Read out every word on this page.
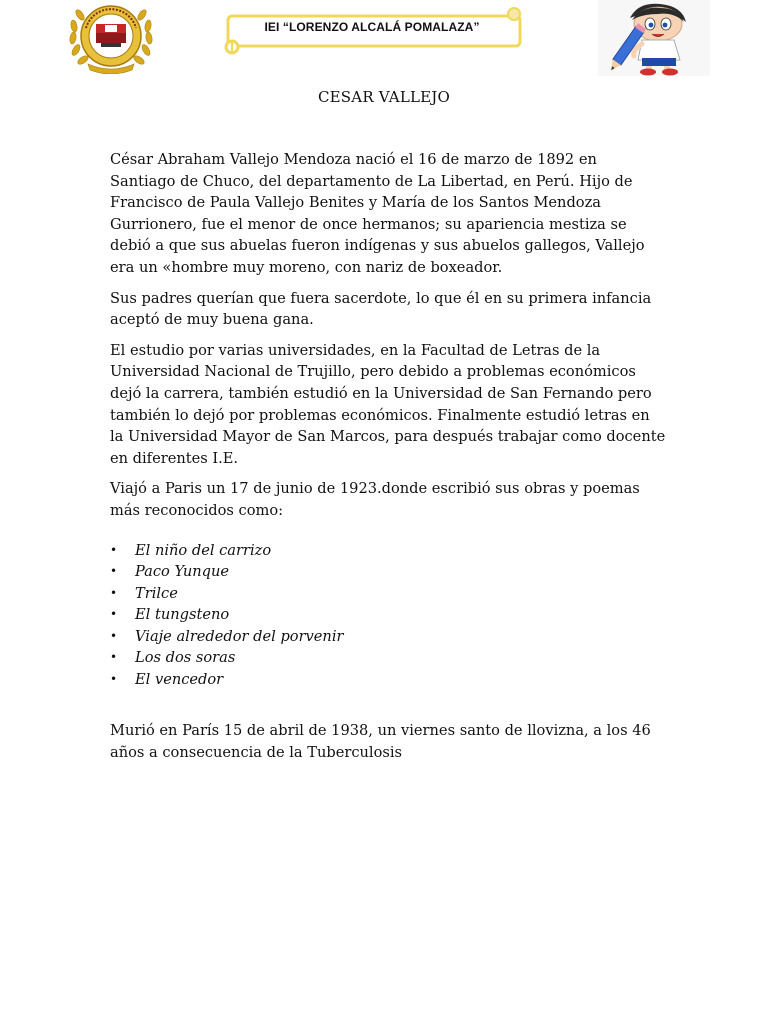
IEI “LORENZO ALCALÁ POMALAZA”
CESAR VALLEJO

César Abraham Vallejo Mendoza nació el 16 de marzo de 1892 en Santiago de Chuco, del departamento de La Libertad, en Perú. Hijo de Francisco de Paula Vallejo Benites y María de los Santos Mendoza Gurrionero, fue el menor de once hermanos; su apariencia mestiza se debió a que sus abuelas fueron indígenas y sus abuelos gallegos, Vallejo era un «hombre muy moreno, con nariz de boxeador.

Sus padres querían que fuera sacerdote, lo que él en su primera infancia aceptó de muy buena gana.

El estudio por varias universidades, en la Facultad de Letras de la Universidad Nacional de Trujillo, pero debido a problemas económicos dejó la carrera, también estudió en la Universidad de San Fernando pero también lo dejó por problemas económicos. Finalmente estudió letras en la Universidad Mayor de San Marcos, para después trabajar como docente en diferentes I.E.

Viajó a Paris un 17 de junio de 1923.donde escribió sus obras y poemas más reconocidos como:

• El niño del carrizo
• Paco Yunque
• Trilce
• El tungsteno
• Viaje alrededor del porvenir
• Los dos soras
• El vencedor

Murió en París 15 de abril de 1938, un viernes santo de llovizna, a los 46 años a consecuencia de la Tuberculosis
